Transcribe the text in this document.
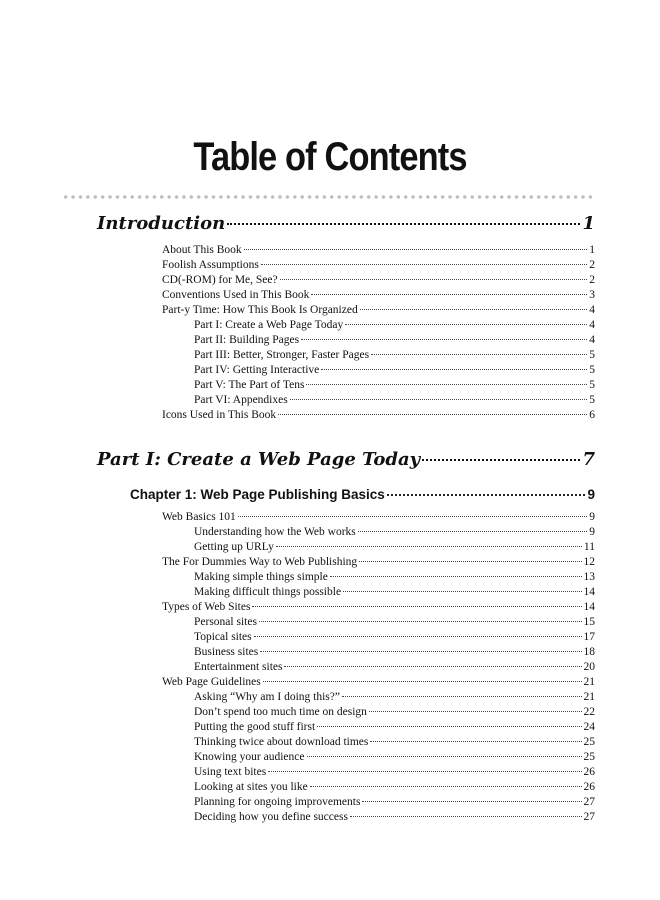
Table of Contents
Introduction	1
About This Book	1
Foolish Assumptions	2
CD(-ROM) for Me, See?	2
Conventions Used in This Book	3
Part-y Time: How This Book Is Organized	4
Part I: Create a Web Page Today	4
Part II: Building Pages	4
Part III: Better, Stronger, Faster Pages	5
Part IV: Getting Interactive	5
Part V: The Part of Tens	5
Part VI: Appendixes	5
Icons Used in This Book	6
Part I: Create a Web Page Today	7
Chapter 1: Web Page Publishing Basics	9
Web Basics 101	9
Understanding how the Web works	9
Getting up URLy	11
The For Dummies Way to Web Publishing	12
Making simple things simple	13
Making difficult things possible	14
Types of Web Sites	14
Personal sites	15
Topical sites	17
Business sites	18
Entertainment sites	20
Web Page Guidelines	21
Asking “Why am I doing this?”	21
Don’t spend too much time on design	22
Putting the good stuff first	24
Thinking twice about download times	25
Knowing your audience	25
Using text bites	26
Looking at sites you like	26
Planning for ongoing improvements	27
Deciding how you define success	27
